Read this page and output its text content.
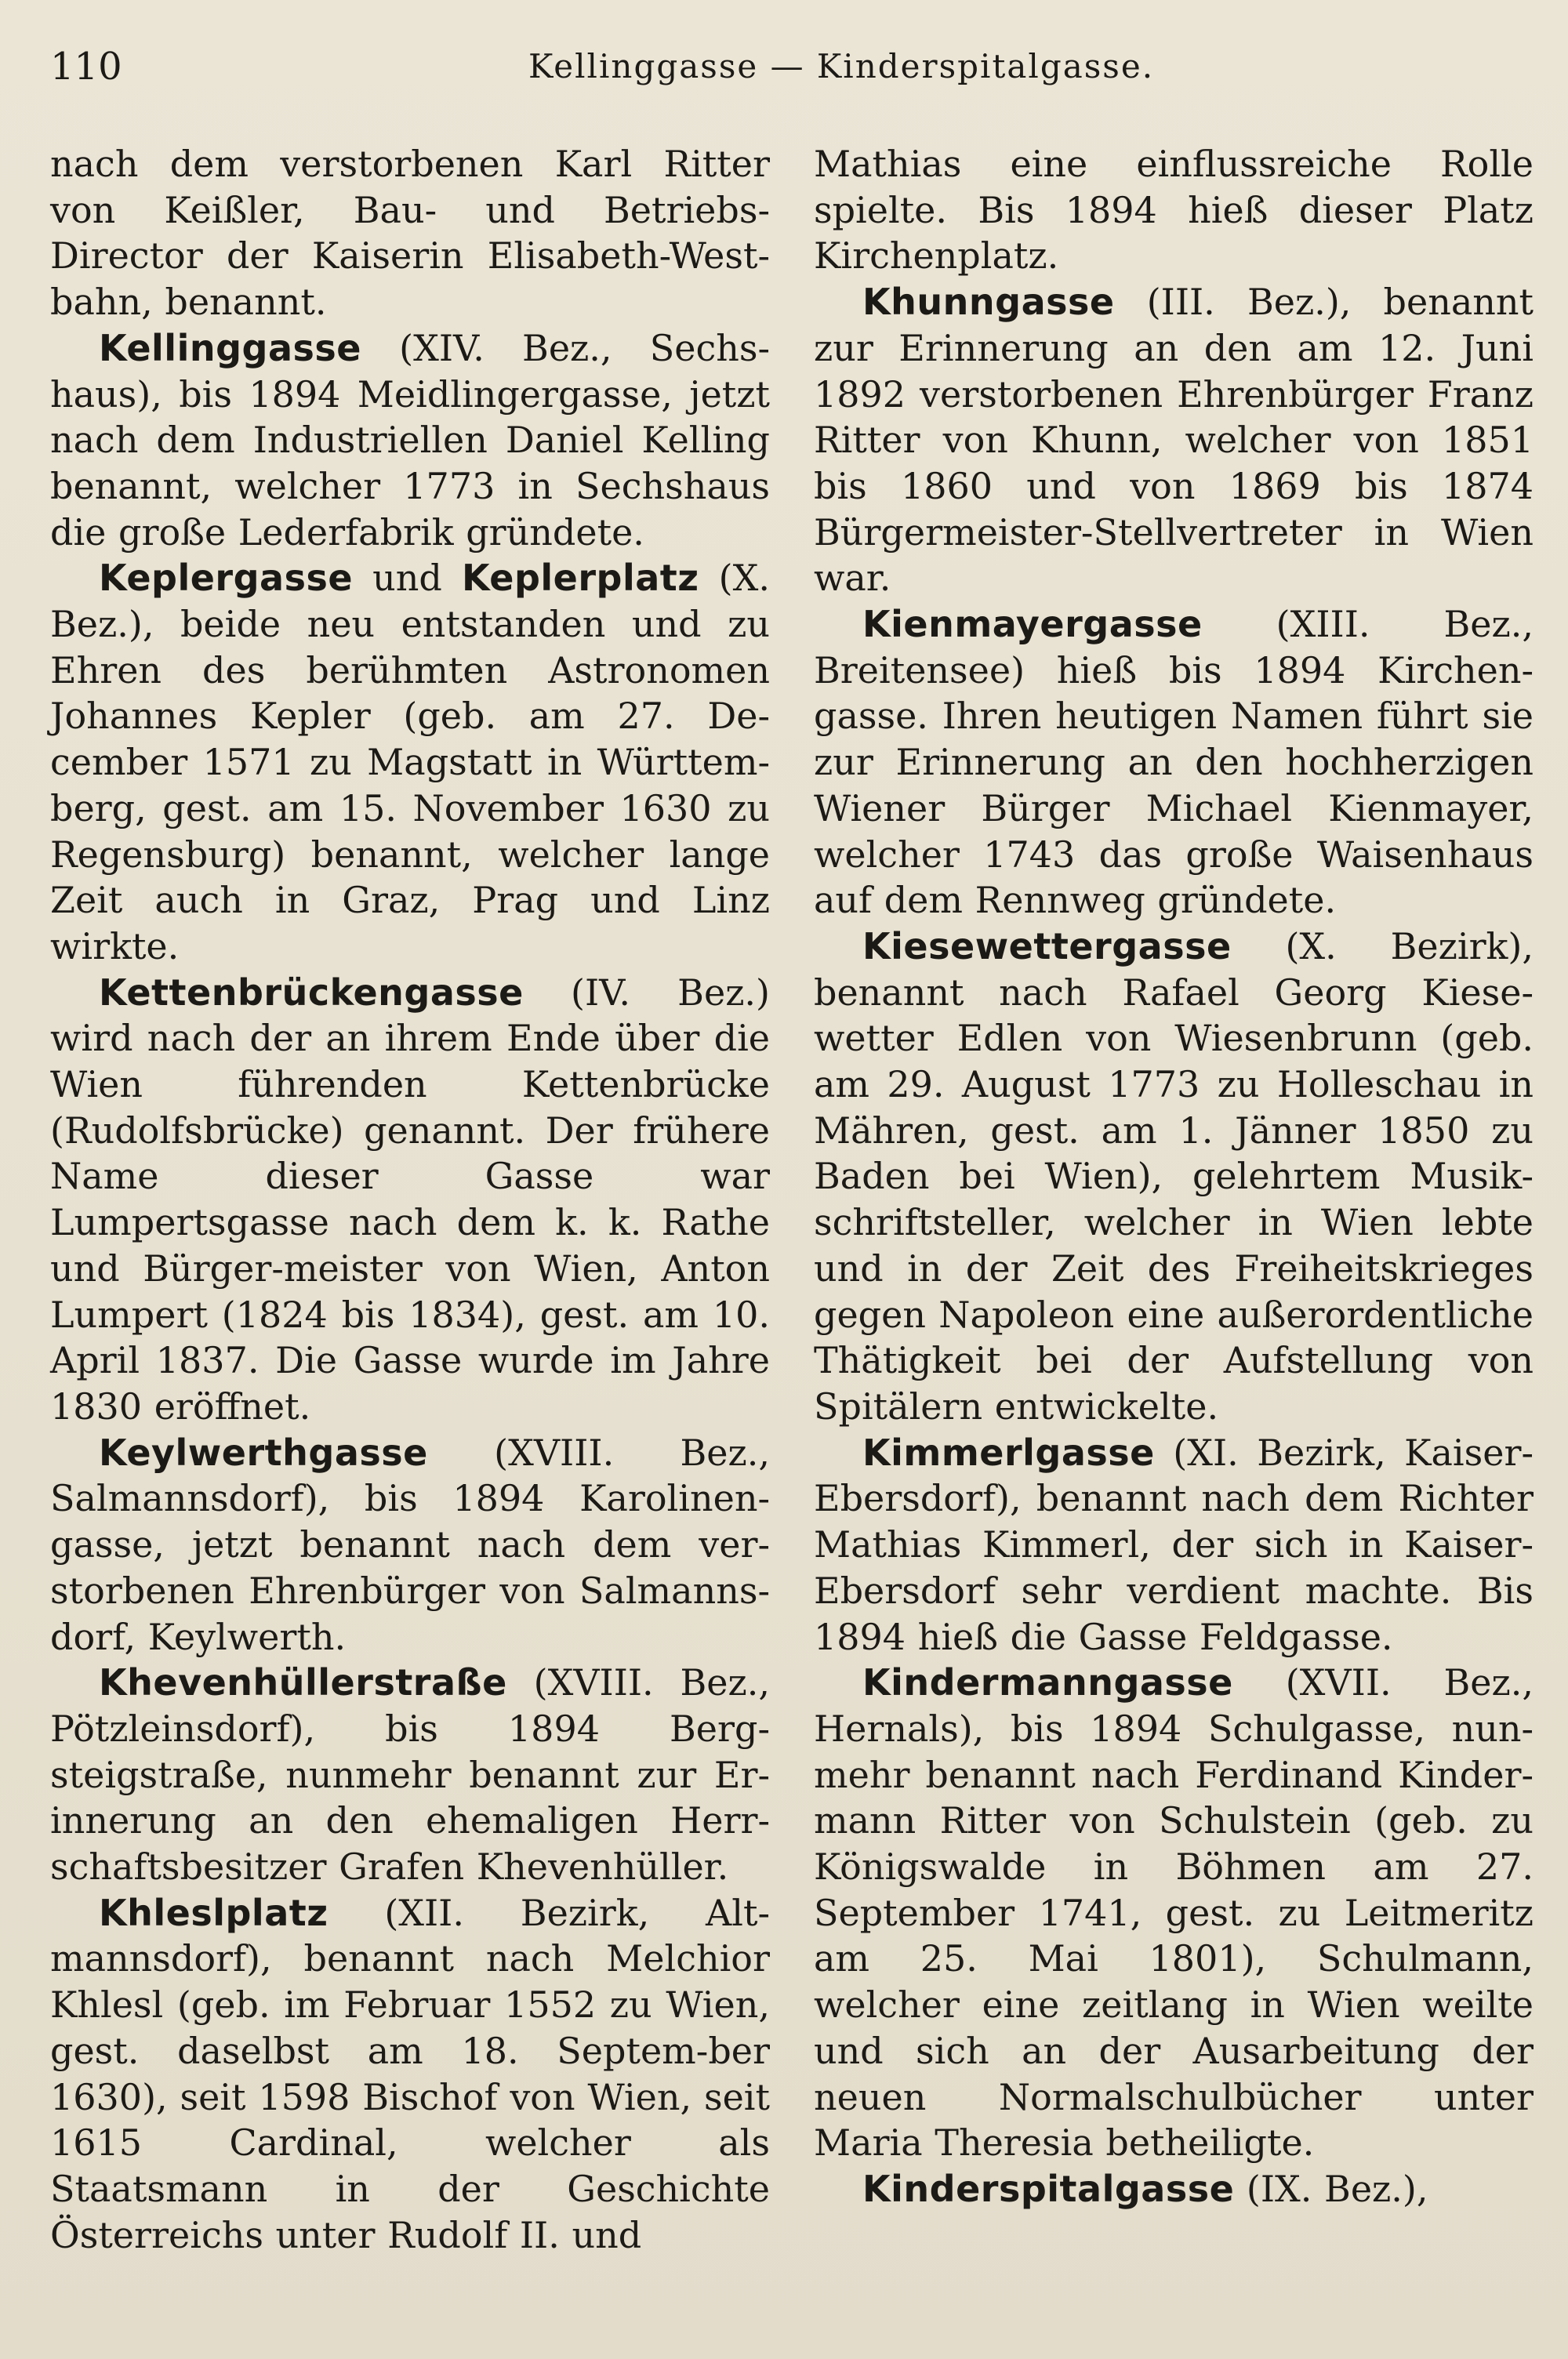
110	Kellinggasse — Kinderspitalgasse.

nach dem verstorbenen Karl Ritter von Keißler, Bau- und Betriebs-Director der Kaiserin Elisabeth-West-bahn, benannt.

Kellinggasse (XIV. Bez., Sechs-haus), bis 1894 Meidlingergasse, jetzt nach dem Industriellen Daniel Kelling benannt, welcher 1773 in Sechshaus die große Lederfabrik gründete.

Keplergasse und Keplerplatz (X. Bez.), beide neu entstanden und zu Ehren des berühmten Astronomen Johannes Kepler (geb. am 27. De-cember 1571 zu Magstatt in Württem-berg, gest. am 15. November 1630 zu Regensburg) benannt, welcher lange Zeit auch in Graz, Prag und Linz wirkte.

Kettenbrückengasse (IV. Bez.) wird nach der an ihrem Ende über die Wien führenden Kettenbrücke (Rudolfsbrücke) genannt. Der frühere Name dieser Gasse war Lumpertsgasse nach dem k. k. Rathe und Bürger-meister von Wien, Anton Lumpert (1824 bis 1834), gest. am 10. April 1837. Die Gasse wurde im Jahre 1830 eröffnet.

Keylwerthgasse (XVIII. Bez., Salmannsdorf), bis 1894 Karolinen-gasse, jetzt benannt nach dem ver-storbenen Ehrenbürger von Salmanns-dorf, Keylwerth.

Khevenhüllerstraße (XVIII. Bez., Pötzleinsdorf), bis 1894 Berg-steigstraße, nunmehr benannt zur Er-innerung an den ehemaligen Herr-schaftsbesitzer Grafen Khevenhüller.

Khleslplatz (XII. Bezirk, Alt-mannsdorf), benannt nach Melchior Khlesl (geb. im Februar 1552 zu Wien, gest. daselbst am 18. Septem-ber 1630), seit 1598 Bischof von Wien, seit 1615 Cardinal, welcher als Staatsmann in der Geschichte Österreichs unter Rudolf II. und

Mathias eine einflussreiche Rolle spielte. Bis 1894 hieß dieser Platz Kirchenplatz.

Khunngasse (III. Bez.), benannt zur Erinnerung an den am 12. Juni 1892 verstorbenen Ehrenbürger Franz Ritter von Khunn, welcher von 1851 bis 1860 und von 1869 bis 1874 Bürgermeister-Stellvertreter in Wien war.

Kienmayergasse (XIII. Bez., Breitensee) hieß bis 1894 Kirchen-gasse. Ihren heutigen Namen führt sie zur Erinnerung an den hochherzigen Wiener Bürger Michael Kienmayer, welcher 1743 das große Waisenhaus auf dem Rennweg gründete.

Kiesewettergasse (X. Bezirk), benannt nach Rafael Georg Kiese-wetter Edlen von Wiesenbrunn (geb. am 29. August 1773 zu Holleschau in Mähren, gest. am 1. Jänner 1850 zu Baden bei Wien), gelehrtem Musik-schriftsteller, welcher in Wien lebte und in der Zeit des Freiheitskrieges gegen Napoleon eine außerordentliche Thätigkeit bei der Aufstellung von Spitälern entwickelte.

Kimmerlgasse (XI. Bezirk, Kaiser-Ebersdorf), benannt nach dem Richter Mathias Kimmerl, der sich in Kaiser-Ebersdorf sehr verdient machte. Bis 1894 hieß die Gasse Feldgasse.

Kindermanngasse (XVII. Bez., Hernals), bis 1894 Schulgasse, nun-mehr benannt nach Ferdinand Kinder-mann Ritter von Schulstein (geb. zu Königswalde in Böhmen am 27. September 1741, gest. zu Leitmeritz am 25. Mai 1801), Schulmann, welcher eine zeitlang in Wien weilte und sich an der Ausarbeitung der neuen Normalschulbücher unter Maria Theresia betheiligte.

Kinderspitalgasse (IX. Bez.),
